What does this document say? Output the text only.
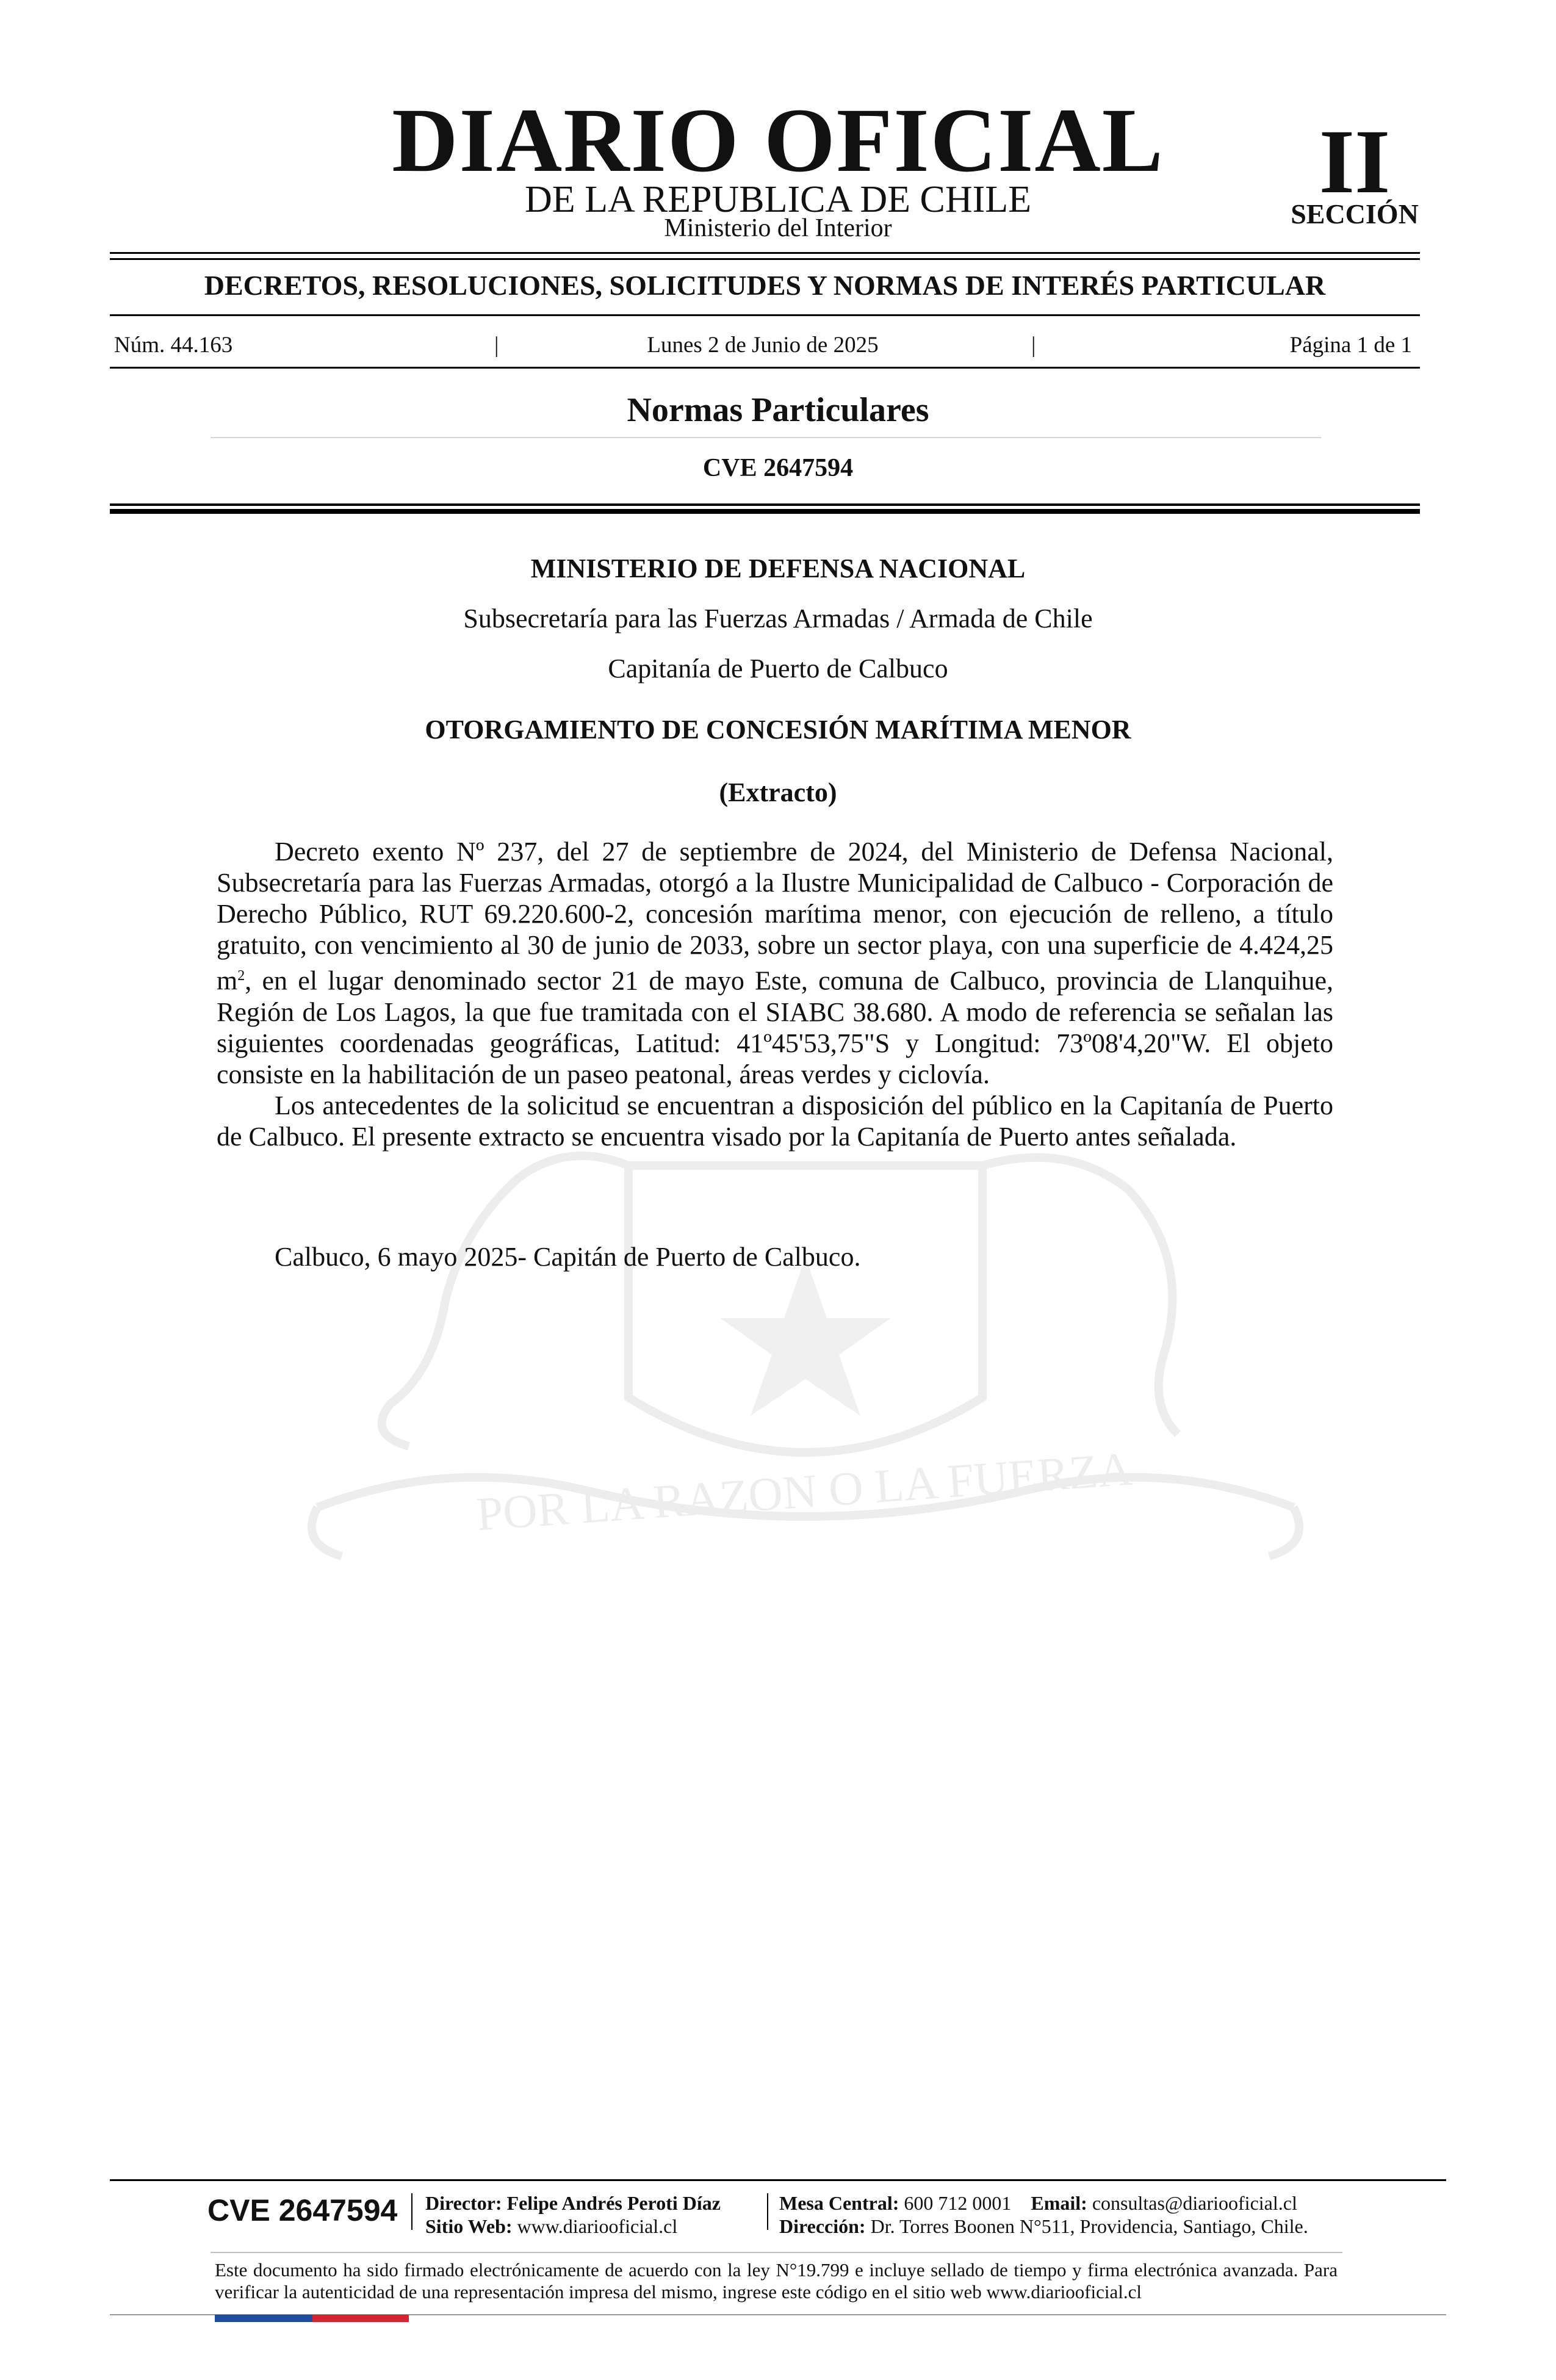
DIARIO OFICIAL
DE LA REPUBLICA DE CHILE
Ministerio del Interior
II
SECCIÓN
DECRETOS, RESOLUCIONES, SOLICITUDES Y NORMAS DE INTERÉS PARTICULAR
Núm. 44.163	|	Lunes 2 de Junio de 2025	|	Página 1 de 1
Normas Particulares
CVE 2647594
POR LA RAZON O LA FUERZA
MINISTERIO DE DEFENSA NACIONAL
Subsecretaría para las Fuerzas Armadas / Armada de Chile
Capitanía de Puerto de Calbuco
OTORGAMIENTO DE CONCESIÓN MARÍTIMA MENOR
(Extracto)

Decreto exento Nº 237, del 27 de septiembre de 2024, del Ministerio de Defensa Nacional, Subsecretaría para las Fuerzas Armadas, otorgó a la Ilustre Municipalidad de Calbuco - Corporación de Derecho Público, RUT 69.220.600-2, concesión marítima menor, con ejecución de relleno, a título gratuito, con vencimiento al 30 de junio de 2033, sobre un sector playa, con una superficie de 4.424,25 $m^2$, en el lugar denominado sector 21 de mayo Este, comuna de Calbuco, provincia de Llanquihue, Región de Los Lagos, la que fue tramitada con el SIABC 38.680. A modo de referencia se señalan las siguientes coordenadas geográficas, Latitud: 41º45'53,75"S y Longitud: 73º08'4,20"W. El objeto consiste en la habilitación de un paseo peatonal, áreas verdes y ciclovía.

Los antecedentes de la solicitud se encuentran a disposición del público en la Capitanía de Puerto de Calbuco. El presente extracto se encuentra visado por la Capitanía de Puerto antes señalada.

Calbuco, 6 mayo 2025- Capitán de Puerto de Calbuco.
CVE 2647594 Director: Felipe Andrés Peroti Díaz
Sitio Web: www.diariooficial.cl
Mesa Central: 600 712 0001 Email: consultas@diariooficial.cl
Dirección: Dr. Torres Boonen N°511, Providencia, Santiago, Chile.
Este documento ha sido firmado electrónicamente de acuerdo con la ley N°19.799 e incluye sellado de tiempo y firma electrónica avanzada. Para verificar la autenticidad de una representación impresa del mismo, ingrese este código en el sitio web www.diariooficial.cl
